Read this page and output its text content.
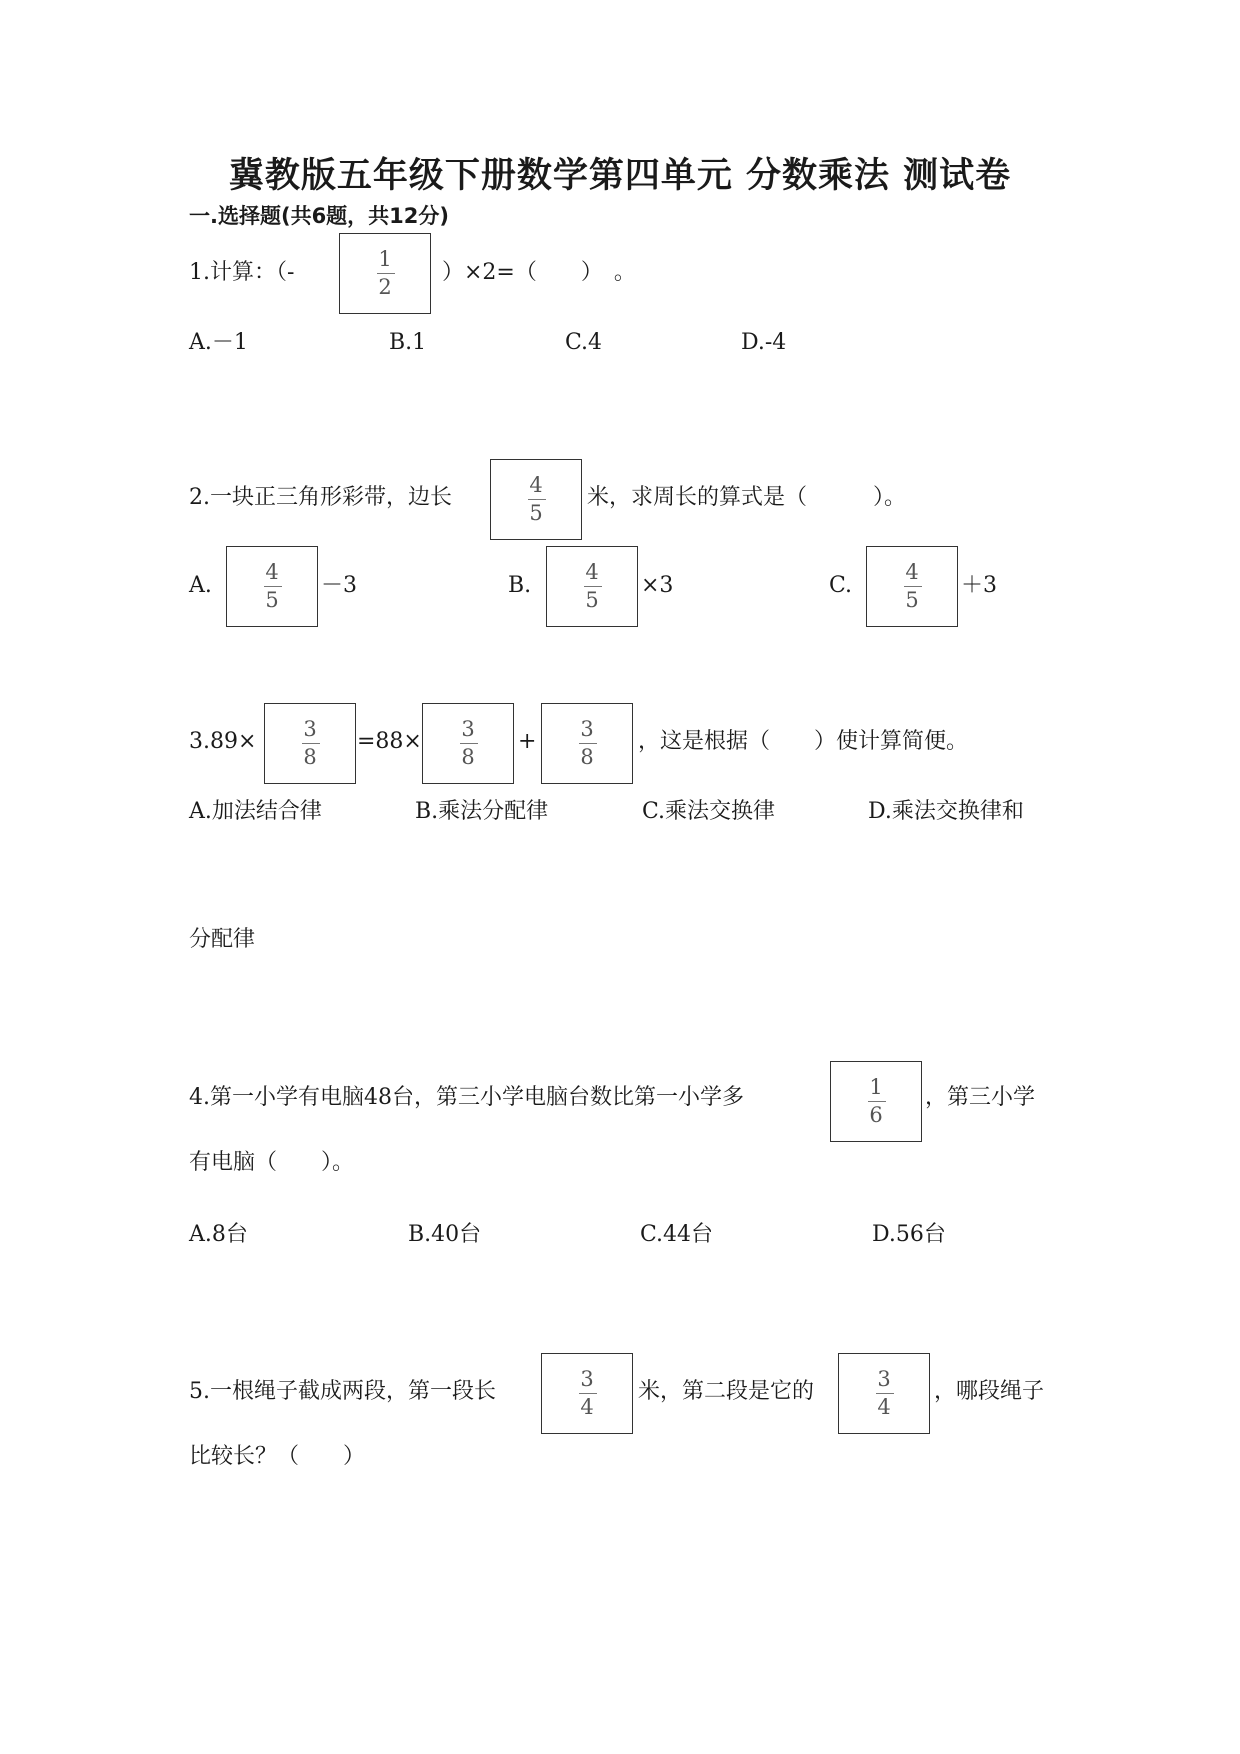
冀教版五年级下册数学第四单元 分数乘法 测试卷
一.选择题(共6题，共12分)
1.计算：（-
1
2
）×2=（　　）　。
A.－1	B.1	C.4	D.-4
2.一块正三角形彩带，边长	4
5
米，求周长的算式是（　　　）。
A.
4
5
－3	B.
4
5
×3	C.
4
5
＋3
3.89×	3
8
=88×	3
8
+	3
8
，这是根据（　　）使计算简便。
A.加法结合律	B.乘法分配律	C.乘法交换律	D.乘法交换律和
分配律
4.第一小学有电脑48台，第三小学电脑台数比第一小学多	1
6
，第三小学
有电脑（　　）。
A.8台	B.40台	C.44台	D.56台
5.一根绳子截成两段，第一段长	3
4
米，第二段是它的	3
4
，哪段绳子
比较长？（　　）
